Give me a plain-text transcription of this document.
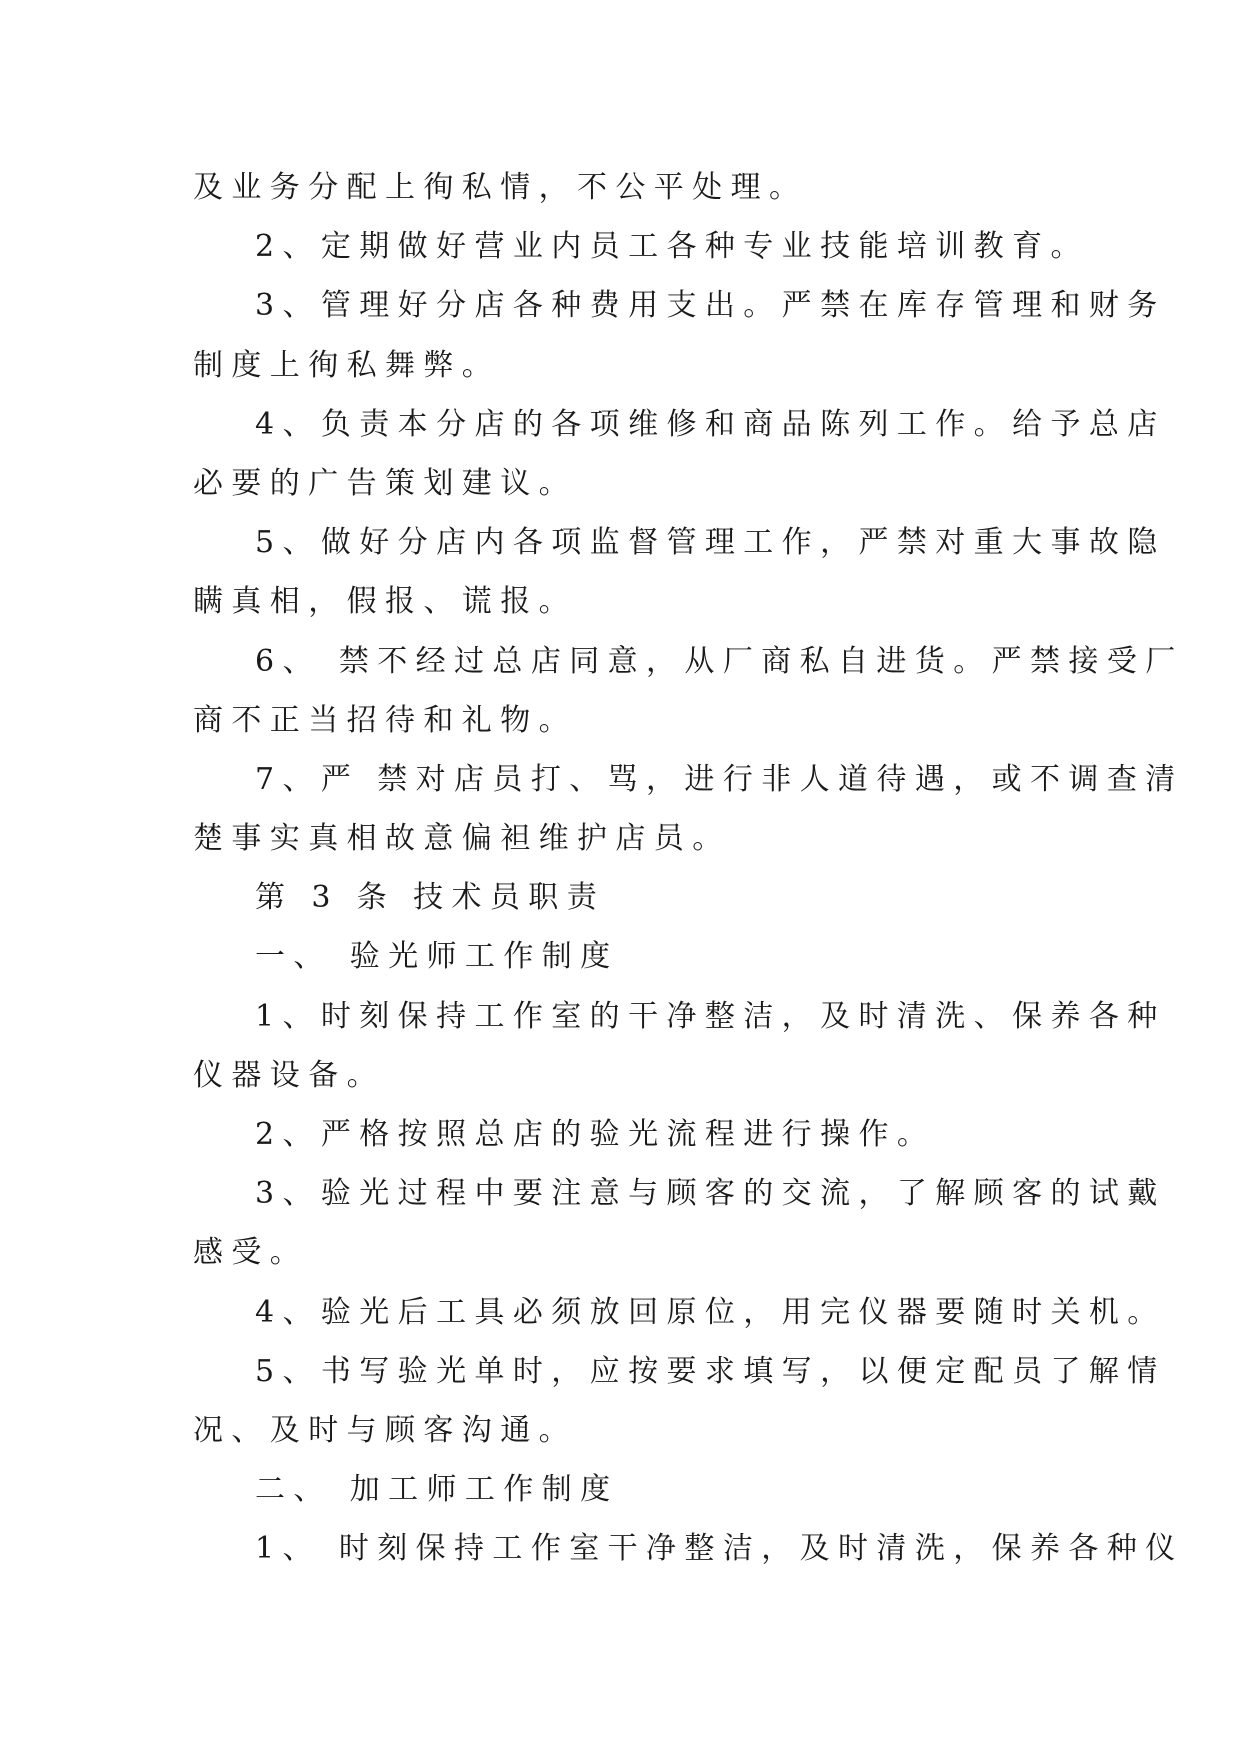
及业务分配上徇私情，不公平处理。
2、定期做好营业内员工各种专业技能培训教育。
3、管理好分店各种费用支出。严禁在库存管理和财务
制度上徇私舞弊。
4、负责本分店的各项维修和商品陈列工作。给予总店
必要的广告策划建议。
5、做好分店内各项监督管理工作，严禁对重大事故隐
瞒真相，假报、谎报。
6、 禁不经过总店同意，从厂商私自进货。严禁接受厂
商不正当招待和礼物。
7、严 禁对店员打、骂，进行非人道待遇，或不调查清
楚事实真相故意偏袒维护店员。
第 3 条 技术员职责
一、 验光师工作制度
1、时刻保持工作室的干净整洁，及时清洗、保养各种
仪器设备。
2、严格按照总店的验光流程进行操作。
3、验光过程中要注意与顾客的交流，了解顾客的试戴
感受。
4、验光后工具必须放回原位，用完仪器要随时关机。
5、书写验光单时，应按要求填写，以便定配员了解情
况、及时与顾客沟通。
二、 加工师工作制度
1、 时刻保持工作室干净整洁，及时清洗，保养各种仪
